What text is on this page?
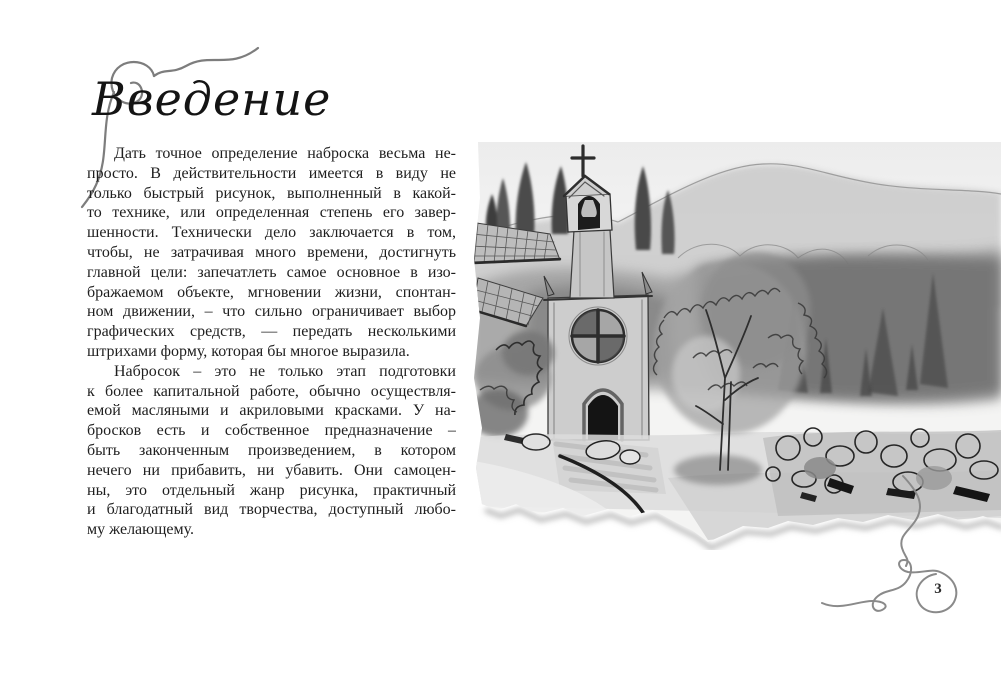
Введение
Дать точное определение наброска весьма не-
просто. В действительности имеется в виду не
только быстрый рисунок, выполненный в какой-
то технике, или определенная степень его завер-
шенности. Технически дело заключается в том,
чтобы, не затрачивая много времени, достигнуть
главной цели: запечатлеть самое основное в изо-
бражаемом объекте, мгновении жизни, спонтан-
ном движении, – что сильно ограничивает выбор
графических средств, — передать несколькими
штрихами форму, которая бы многое выразила.
Набросок – это не только этап подготовки
к более капитальной работе, обычно осуществля-
емой масляными и акриловыми красками. У на-
бросков есть и собственное предназначение –
быть законченным произведением, в котором
нечего ни прибавить, ни убавить. Они самоцен-
ны, это отдельный жанр рисунка, практичный
и благодатный вид творчества, доступный любо-
му желающему.
3
